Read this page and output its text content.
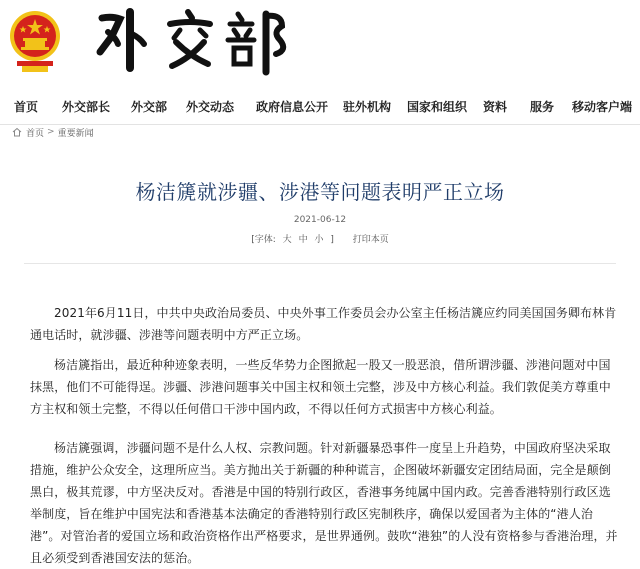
首页 外交部长 外交部 外交动态 政府信息公开 驻外机构 国家和组织 资料 服务 移动客户端
首页 > 重要新闻
杨洁篪就涉疆、涉港等问题表明严正立场
2021-06-12
[字体: 大 中 小 ] 打印本页
2021年6月11日，中共中央政治局委员、中央外事工作委员会办公室主任杨洁篪应约同美国国务卿布林肯通电话时，就涉疆、涉港等问题表明中方严正立场。
杨洁篪指出，最近种种迹象表明，一些反华势力企图掀起一股又一股恶浪，借所谓涉疆、涉港问题对中国抹黑，他们不可能得逞。涉疆、涉港问题事关中国主权和领土完整，涉及中方核心利益。我们敦促美方尊重中方主权和领土完整，不得以任何借口干涉中国内政，不得以任何方式损害中方核心利益。
杨洁篪强调，涉疆问题不是什么人权、宗教问题。针对新疆暴恐事件一度呈上升趋势，中国政府坚决采取措施，维护公众安全，这理所应当。美方抛出关于新疆的种种谎言，企图破坏新疆安定团结局面，完全是颠倒黑白，极其荒谬，中方坚决反对。香港是中国的特别行政区，香港事务纯属中国内政。完善香港特别行政区选举制度，旨在维护中国宪法和香港基本法确定的香港特别行政区宪制秩序，确保以爱国者为主体的“港人治港”。对管治者的爱国立场和政治资格作出严格要求，是世界通例。鼓吹“港独”的人没有资格参与香港治理，并且必须受到香港国安法的惩治。
